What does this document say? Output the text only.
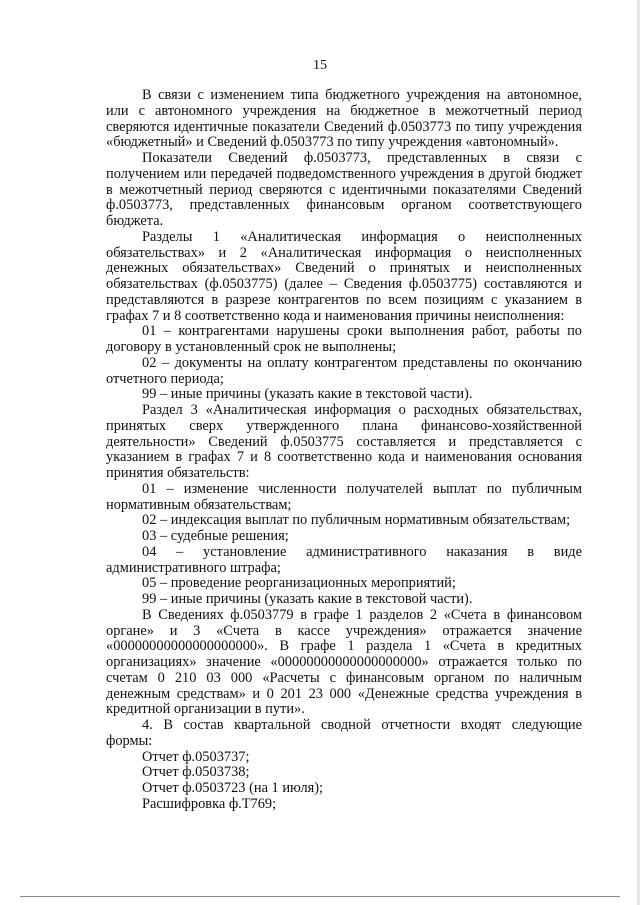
15

В связи с изменением типа бюджетного учреждения на автономное, или с автономного учреждения на бюджетное в межотчетный период сверяются идентичные показатели Сведений ф.0503773 по типу учреждения «бюджетный» и Сведений ф.0503773 по типу учреждения «автономный».

Показатели Сведений ф.0503773, представленных в связи с получением или передачей подведомственного учреждения в другой бюджет в межотчетный период сверяются с идентичными показателями Сведений ф.0503773, представленных финансовым органом соответствующего бюджета.

Разделы 1 «Аналитическая информация о неисполненных обязательствах» и 2 «Аналитическая информация о неисполненных денежных обязательствах» Сведений о принятых и неисполненных обязательствах (ф.0503775) (далее – Сведения ф.0503775) составляются и представляются в разрезе контрагентов по всем позициям с указанием в графах 7 и 8 соответственно кода и наименования причины неисполнения:

01 – контрагентами нарушены сроки выполнения работ, работы по договору в установленный срок не выполнены;

02 – документы на оплату контрагентом представлены по окончанию отчетного периода;

99 – иные причины (указать какие в текстовой части).

Раздел 3 «Аналитическая информация о расходных обязательствах, принятых сверх утвержденного плана финансово-хозяйственной деятельности» Сведений ф.0503775 составляется и представляется с указанием в графах 7 и 8 соответственно кода и наименования основания принятия обязательств:

01 – изменение численности получателей выплат по публичным нормативным обязательствам;

02 – индексация выплат по публичным нормативным обязательствам;

03 – судебные решения;

04 – установление административного наказания в виде административного штрафа;

05 – проведение реорганизационных мероприятий;

99 – иные причины (указать какие в текстовой части).

В Сведениях ф.0503779 в графе 1 разделов 2 «Счета в финансовом органе» и 3 «Счета в кассе учреждения» отражается значение «00000000000000000000». В графе 1 раздела 1 «Счета в кредитных организациях» значение «00000000000000000000» отражается только по счетам 0 210 03 000 «Расчеты с финансовым органом по наличным денежным средствам» и 0 201 23 000 «Денежные средства учреждения в кредитной организации в пути».

4. В состав квартальной сводной отчетности входят следующие формы:

Отчет ф.0503737;

Отчет ф.0503738;

Отчет ф.0503723 (на 1 июля);

Расшифровка ф.Т769;
